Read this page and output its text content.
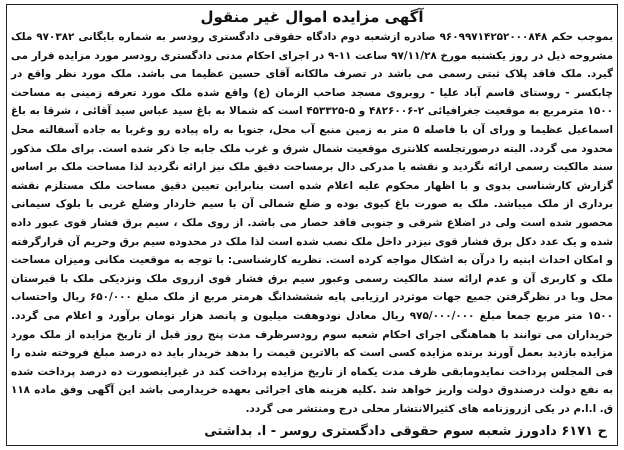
آگهی مزایده اموال غیر منقول

بموجب حکم ۹۶۰۹۹۷۱۴۲۵۲۰۰۰۸۴۸ صادره ازشعبه دوم دادگاه حقوقی دادگستری رودسر به شماره بایگانی ۹۷۰۳۸۲ ملک مشروحه ذیل در روز یکشنبه مورخ ۹۷/۱۱/۲۸ ساعت ۱۱-۹ در اجرای احکام مدنی دادگستری رودسر مورد مزایده قرار می گیرد. ملک فاقد پلاک ثبتی رسمی می باشد در تصرف مالکانه آقای حسین عظیما می باشد. ملک مورد نظر واقع در چابکسر - روستای قاسم آباد علیا - روبروی مسجد صاحب الزمان (ع) واقع شده ملک مورد تعرفه زمینی به مساحت ۱۵۰۰ مترمربع به موقعیت جغرافیائی ۲-۴۸۲۶۰۰۶ و ۵-۴۵۳۳۲۵ است که شمالا به باغ سید عباس سید آقائی ، شرقا به باغ اسماعیل عظیما و ورای آن با فاصله ۵ متر به زمین منبع آب محل، جنوبا به راه پیاده رو وغربا به جاده آسفالته محل محدود می گردد. البته درصورتجلسه کلانتری موقعیت شمال شرق و غرب ملک جابه جا ذکر شده است. برای ملک مذکور سند مالکیت رسمی ارائه نگردید و نقشه یا مدرکی دال برمساحت دقیق ملک نیز ارائه نگردید لذا مساحت ملک بر اساس گزارش کارشناسی بدوی و با اظهار محکوم علیه اعلام شده است بنابراین تعیین دقیق مساحت ملک مستلزم نقشه برداری از ملک میباشد. ملک به صورت باغ کیوی بوده و ضلع شمالی آن با سیم خاردار وضلع غربی با بلوک سیمانی محصور شده است ولی در اضلاع شرقی و جنوبی فاقد حصار می باشد. از روی ملک ، سیم برق فشار قوی عبور داده شده و یک عدد دکل برق فشار قوی نیزدر داخل ملک نصب شده است لذا ملک در محدوده سیم برق وحریم آن قرارگرفته و امکان احداث ابنیه را درآن به اشکال مواجه کرده است. نظریه کارشناسی: با توجه به موقعیت مکانی ومیزان مساحت ملک و کاربری آن و عدم ارائه سند مالکیت رسمی وعبور سیم برق فشار قوی ازروی ملک ونزدیکی ملک با قبرستان محل وبا در نظرگرفتن جمیع جهات موثردر ارزیابی پایه شششدانگ هرمتر مربع از ملک مبلغ ۶۵۰/۰۰۰ ریال واحتساب ۱۵۰۰ متر مربع جمعا مبلغ ۹۷۵/۰۰۰/۰۰۰ ریال معادل نودوهفت میلیون و پانصد هزار تومان برآورد و اعلام می گردد. خریداران می توانند با هماهنگی اجرای احکام شعبه سوم رودسرظرف مدت پنج روز قبل از تاریخ مزایده از ملک مورد مزایده بازدید بعمل آورند برنده مزایده کسی است که بالاترین قیمت را بدهد خریدار باید ده درصد مبلغ فروخته شده را فی المجلس پرداخت نمایدومابقی ظرف مدت یکماه از تاریخ مزایده پرداخت کند در غیراینصورت ده درصد پرداخت شده به نفع دولت درصندوق دولت واریز خواهد شد .کلیه هزینه های اجرائی بعهده خریدارمی باشد این آگهی وفق ماده ۱۱۸ ق. ا.ا.م در یکی ازروزنامه های کثیرالانتشار محلی درج ومنتشر می گردد.

ح ۶۱۷۱ دادورز شعبه سوم حقوقی دادگستری روسر - ا. بداشتی
